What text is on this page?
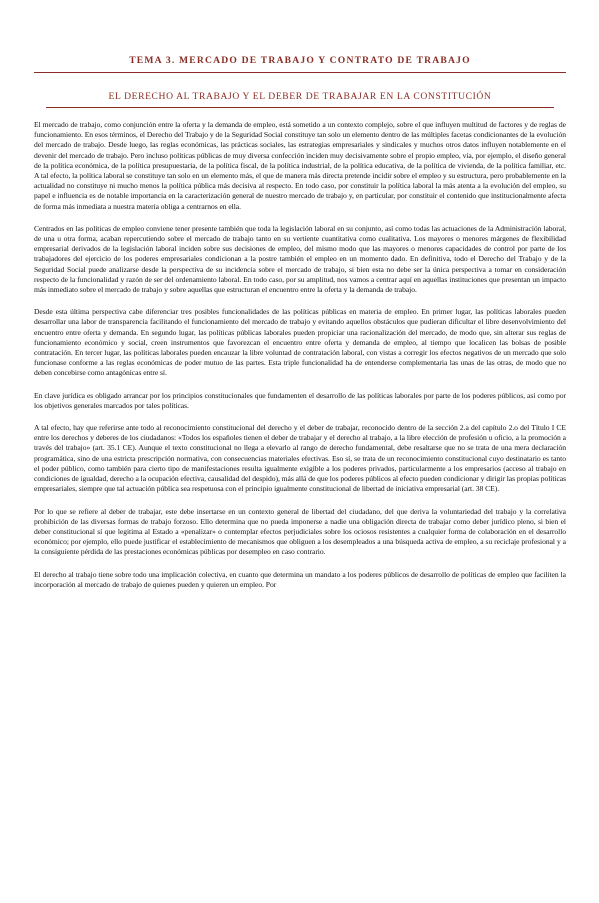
TEMA 3. MERCADO DE TRABAJO Y CONTRATO DE TRABAJO
EL DERECHO AL TRABAJO Y EL DEBER DE TRABAJAR EN LA CONSTITUCIÓN

El mercado de trabajo, como conjunción entre la oferta y la demanda de empleo, está sometido a un contexto complejo, sobre el que influyen multitud de factores y de reglas de funcionamiento. En esos términos, el Derecho del Trabajo y de la Seguridad Social constituye tan solo un elemento dentro de las múltiples facetas condicionantes de la evolución del mercado de trabajo. Desde luego, las reglas económicas, las prácticas sociales, las estrategias empresariales y sindicales y muchos otros datos influyen notablemente en el devenir del mercado de trabajo. Pero incluso políticas públicas de muy diversa confección inciden muy decisivamente sobre el propio empleo, vía, por ejemplo, el diseño general de la política económica, de la política presupuestaria, de la política fiscal, de la política industrial, de la política educativa, de la política de vivienda, de la política familiar, etc. A tal efecto, la política laboral se constituye tan solo en un elemento más, el que de manera más directa pretende incidir sobre el empleo y su estructura, pero probablemente en la actualidad no constituye ni mucho menos la política pública más decisiva al respecto. En todo caso, por constituir la política laboral la más atenta a la evolución del empleo, su papel e influencia es de notable importancia en la caracterización general de nuestro mercado de trabajo y, en particular, por constituir el contenido que institucionalmente afecta de forma más inmediata a nuestra materia obliga a centrarnos en ella.

Centrados en las políticas de empleo conviene tener presente también que toda la legislación laboral en su conjunto, así como todas las actuaciones de la Administración laboral, de una u otra forma, acaban repercutiendo sobre el mercado de trabajo tanto en su vertiente cuantitativa como cualitativa. Los mayores o menores márgenes de flexibilidad empresarial derivados de la legislación laboral inciden sobre sus decisiones de empleo, del mismo modo que las mayores o menores capacidades de control por parte de los trabajadores del ejercicio de los poderes empresariales condicionan a la postre también el empleo en un momento dado. En definitiva, todo el Derecho del Trabajo y de la Seguridad Social puede analizarse desde la perspectiva de su incidencia sobre el mercado de trabajo, si bien esta no debe ser la única perspectiva a tomar en consideración respecto de la funcionalidad y razón de ser del ordenamiento laboral. En todo caso, por su amplitud, nos vamos a centrar aquí en aquellas instituciones que presentan un impacto más inmediato sobre el mercado de trabajo y sobre aquellas que estructuran el encuentro entre la oferta y la demanda de trabajo.

Desde esta última perspectiva cabe diferenciar tres posibles funcionalidades de las políticas públicas en materia de empleo. En primer lugar, las políticas laborales pueden desarrollar una labor de transparencia facilitando el funcionamiento del mercado de trabajo y evitando aquellos obstáculos que pudieran dificultar el libre desenvolvimiento del encuentro entre oferta y demanda. En segundo lugar, las políticas públicas laborales pueden propiciar una racionalización del mercado, de modo que, sin alterar sus reglas de funcionamiento económico y social, creen instrumentos que favorezcan el encuentro entre oferta y demanda de empleo, al tiempo que localicen las bolsas de posible contratación. En tercer lugar, las políticas laborales pueden encauzar la libre voluntad de contratación laboral, con vistas a corregir los efectos negativos de un mercado que solo funcionase conforme a las reglas económicas de poder mutuo de las partes. Esta triple funcionalidad ha de entenderse complementaria las unas de las otras, de modo que no deben concebirse como antagónicas entre sí.

En clave jurídica es obligado arrancar por los principios constitucionales que fundamenten el desarrollo de las políticas laborales por parte de los poderes públicos, así como por los objetivos generales marcados por tales políticas.

A tal efecto, hay que referirse ante todo al reconocimiento constitucional del derecho y el deber de trabajar, reconocido dentro de la sección 2.a del capítulo 2.o del Título I CE entre los derechos y deberes de los ciudadanos: «Todos los españoles tienen el deber de trabajar y el derecho al trabajo, a la libre elección de profesión u oficio, a la promoción a través del trabajo» (art. 35.1 CE). Aunque el texto constitucional no llega a elevarlo al rango de derecho fundamental, debe resaltarse que no se trata de una mera declaración programática, sino de una estricta prescripción normativa, con consecuencias materiales efectivas. Eso sí, se trata de un reconocimiento constitucional cuyo destinatario es tanto el poder público, como también para cierto tipo de manifestaciones resulta igualmente exigible a los poderes privados, particularmente a los empresarios (acceso al trabajo en condiciones de igualdad, derecho a la ocupación efectiva, causalidad del despido), más allá de que los poderes públicos al efecto pueden condicionar y dirigir las propias políticas empresariales, siempre que tal actuación pública sea respetuosa con el principio igualmente constitucional de libertad de iniciativa empresarial (art. 38 CE).

Por lo que se refiere al deber de trabajar, este debe insertarse en un contexto general de libertad del ciudadano, del que deriva la voluntariedad del trabajo y la correlativa prohibición de las diversas formas de trabajo forzoso. Ello determina que no pueda imponerse a nadie una obligación directa de trabajar como deber jurídico pleno, si bien el deber constitucional sí que legitima al Estado a «penalizar» o contemplar efectos perjudiciales sobre los ociosos resistentes a cualquier forma de colaboración en el desarrollo económico; por ejemplo, ello puede justificar el establecimiento de mecanismos que obliguen a los desempleados a una búsqueda activa de empleo, a su reciclaje profesional y a la consiguiente pérdida de las prestaciones económicas públicas por desempleo en caso contrario.

El derecho al trabajo tiene sobre todo una implicación colectiva, en cuanto que determina un mandato a los poderes públicos de desarrollo de políticas de empleo que faciliten la incorporación al mercado de trabajo de quienes pueden y quieren un empleo. Por
